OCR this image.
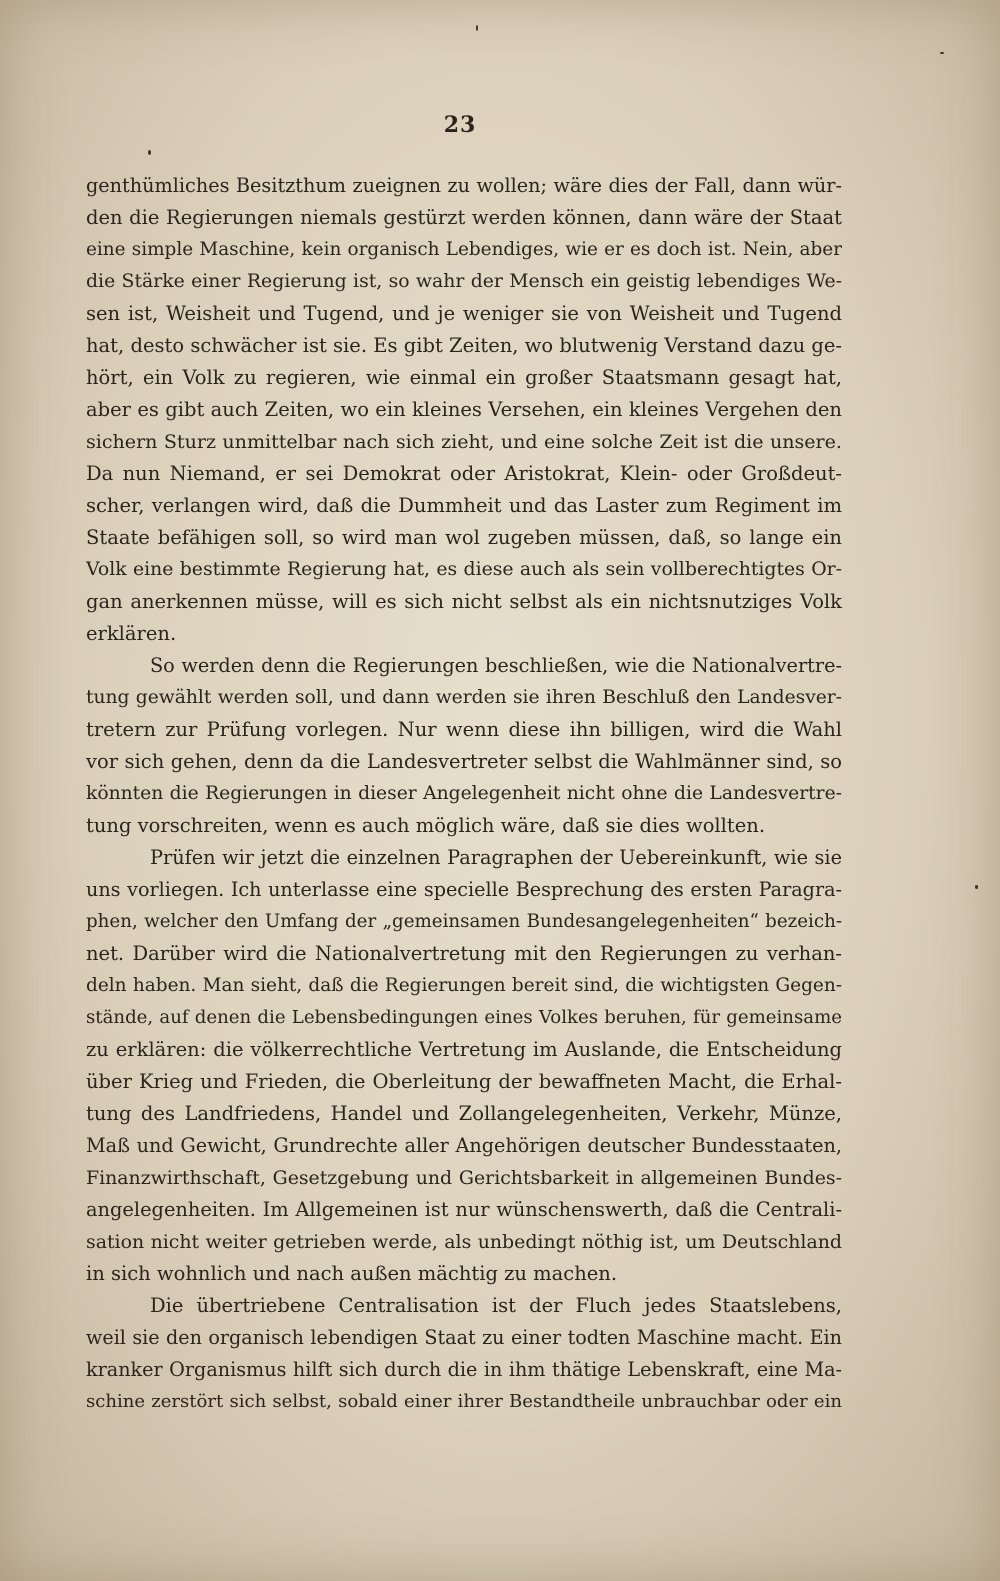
23
genthümliches Besitzthum zueignen zu wollen; wäre dies der Fall, dann wür-
den die Regierungen niemals gestürzt werden können, dann wäre der Staat
eine simple Maschine, kein organisch Lebendiges, wie er es doch ist. Nein, aber
die Stärke einer Regierung ist, so wahr der Mensch ein geistig lebendiges We-
sen ist, Weisheit und Tugend, und je weniger sie von Weisheit und Tugend
hat, desto schwächer ist sie. Es gibt Zeiten, wo blutwenig Verstand dazu ge-
hört, ein Volk zu regieren, wie einmal ein großer Staatsmann gesagt hat,
aber es gibt auch Zeiten, wo ein kleines Versehen, ein kleines Vergehen den
sichern Sturz unmittelbar nach sich zieht, und eine solche Zeit ist die unsere.
Da nun Niemand, er sei Demokrat oder Aristokrat, Klein- oder Großdeut-
scher, verlangen wird, daß die Dummheit und das Laster zum Regiment im
Staate befähigen soll, so wird man wol zugeben müssen, daß, so lange ein
Volk eine bestimmte Regierung hat, es diese auch als sein vollberechtigtes Or-
gan anerkennen müsse, will es sich nicht selbst als ein nichtsnutziges Volk
erklären.
So werden denn die Regierungen beschließen, wie die Nationalvertre-
tung gewählt werden soll, und dann werden sie ihren Beschluß den Landesver-
tretern zur Prüfung vorlegen. Nur wenn diese ihn billigen, wird die Wahl
vor sich gehen, denn da die Landesvertreter selbst die Wahlmänner sind, so
könnten die Regierungen in dieser Angelegenheit nicht ohne die Landesvertre-
tung vorschreiten, wenn es auch möglich wäre, daß sie dies wollten.
Prüfen wir jetzt die einzelnen Paragraphen der Uebereinkunft, wie sie
uns vorliegen. Ich unterlasse eine specielle Besprechung des ersten Paragra-
phen, welcher den Umfang der „gemeinsamen Bundesangelegenheiten“ bezeich-
net. Darüber wird die Nationalvertretung mit den Regierungen zu verhan-
deln haben. Man sieht, daß die Regierungen bereit sind, die wichtigsten Gegen-
stände, auf denen die Lebensbedingungen eines Volkes beruhen, für gemeinsame
zu erklären: die völkerrechtliche Vertretung im Auslande, die Entscheidung
über Krieg und Frieden, die Oberleitung der bewaffneten Macht, die Erhal-
tung des Landfriedens, Handel und Zollangelegenheiten, Verkehr, Münze,
Maß und Gewicht, Grundrechte aller Angehörigen deutscher Bundesstaaten,
Finanzwirthschaft, Gesetzgebung und Gerichtsbarkeit in allgemeinen Bundes-
angelegenheiten. Im Allgemeinen ist nur wünschenswerth, daß die Centrali-
sation nicht weiter getrieben werde, als unbedingt nöthig ist, um Deutschland
in sich wohnlich und nach außen mächtig zu machen.
Die übertriebene Centralisation ist der Fluch jedes Staatslebens,
weil sie den organisch lebendigen Staat zu einer todten Maschine macht. Ein
kranker Organismus hilft sich durch die in ihm thätige Lebenskraft, eine Ma-
schine zerstört sich selbst, sobald einer ihrer Bestandtheile unbrauchbar oder ein
